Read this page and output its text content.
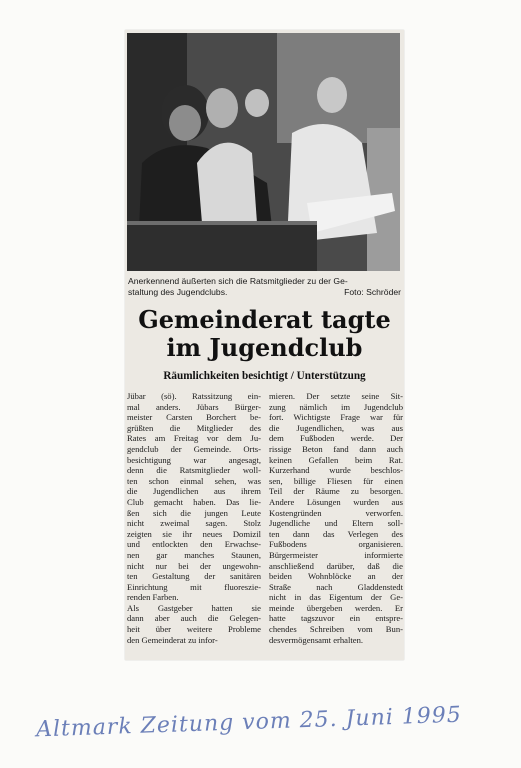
Anerkennend äußerten sich die Ratsmitglieder zu der Ge-
staltung des Jugendclubs.	Foto: Schröder
Gemeinderat tagte
im Jugendclub
Räumlichkeiten besichtigt / Unterstützung
Jübar (sö). Ratssitzung ein-
mal anders. Jübars Bürger-
meister Carsten Borchert be-
grüßten die Mitglieder des
Rates am Freitag vor dem Ju-
gendclub der Gemeinde. Orts-
besichtigung war angesagt,
denn die Ratsmitglieder woll-
ten schon einmal sehen, was
die Jugendlichen aus ihrem
Club gemacht haben. Das lie-
ßen sich die jungen Leute
nicht zweimal sagen. Stolz
zeigten sie ihr neues Domizil
und entlockten den Erwachse-
nen gar manches Staunen,
nicht nur bei der ungewohn-
ten Gestaltung der sanitären
Einrichtung mit fluoreszie-
renden Farben.
Als Gastgeber hatten sie
dann aber auch die Gelegen-
heit über weitere Probleme
den Gemeinderat zu infor-
mieren. Der setzte seine Sit-
zung nämlich im Jugendclub
fort. Wichtigste Frage war für
die Jugendlichen, was aus
dem Fußboden werde. Der
rissige Beton fand dann auch
keinen Gefallen beim Rat.
Kurzerhand wurde beschlos-
sen, billige Fliesen für einen
Teil der Räume zu besorgen.
Andere Lösungen wurden aus
Kostengründen verworfen.
Jugendliche und Eltern soll-
ten dann das Verlegen des
Fußbodens organisieren.
Bürgermeister informierte
anschließend darüber, daß die
beiden Wohnblöcke an der
Straße nach Gladdenstedt
nicht in das Eigentum der Ge-
meinde übergeben werden. Er
hatte tagszuvor ein entspre-
chendes Schreiben vom Bun-
desvermögensamt erhalten.
Altmark Zeitung vom 25. Juni 1995
